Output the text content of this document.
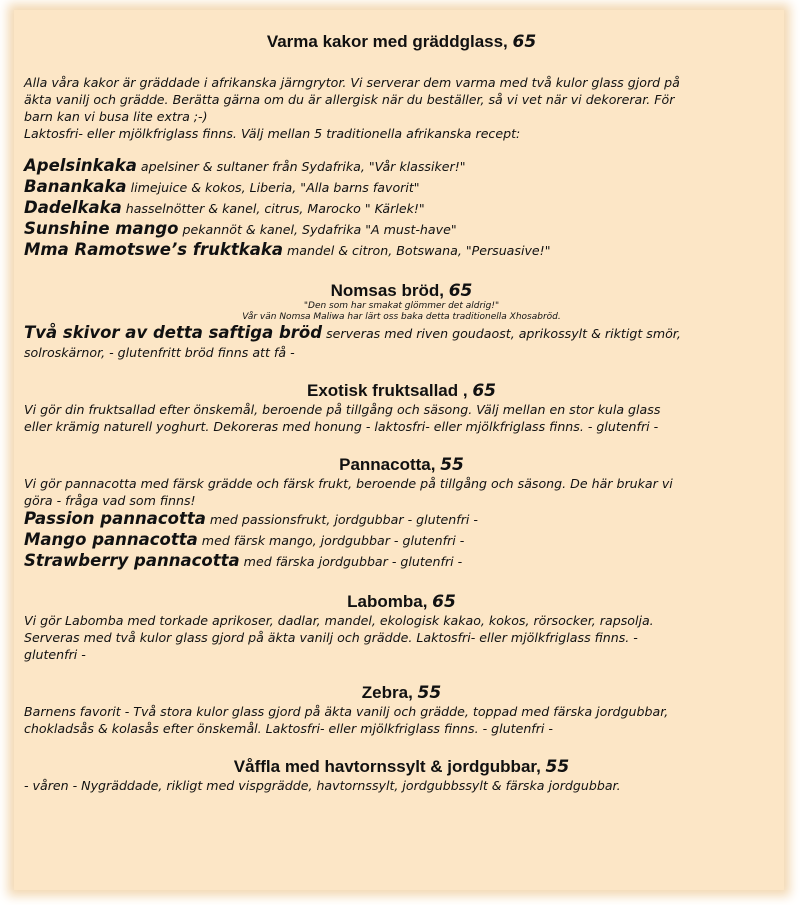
Varma kakor med gräddglass, 65

Alla våra kakor är gräddade i afrikanska järngrytor. Vi serverar dem varma med två kulor glass gjord på

äkta vanilj och grädde. Berätta gärna om du är allergisk när du beställer, så vi vet när vi dekorerar. För

barn kan vi busa lite extra ;-)

Laktosfri- eller mjölkfriglass finns. Välj mellan 5 traditionella afrikanska recept:

Apelsinkaka apelsiner & sultaner från Sydafrika, "Vår klassiker!"
Banankaka limejuice & kokos, Liberia, "Alla barns favorit"
Dadelkaka hasselnötter & kanel, citrus, Marocko " Kärlek!"
Sunshine mango pekannöt & kanel, Sydafrika "A must-have"
Mma Ramotswe’s fruktkaka mandel & citron, Botswana, "Persuasive!"
Nomsas bröd, 65
"Den som har smakat glömmer det aldrig!"
Vår vän Nomsa Maliwa har lärt oss baka detta traditionella Xhosabröd.
Två skivor av detta saftiga bröd serveras med riven goudaost, aprikossylt & riktigt smör,

solroskärnor, - glutenfritt bröd finns att få -

Exotisk fruktsallad , 65

Vi gör din fruktsallad efter önskemål, beroende på tillgång och säsong. Välj mellan en stor kula glass

eller krämig naturell yoghurt. Dekoreras med honung - laktosfri- eller mjölkfriglass finns. - glutenfri -

Pannacotta, 55

Vi gör pannacotta med färsk grädde och färsk frukt, beroende på tillgång och säsong. De här brukar vi

göra - fråga vad som finns!

Passion pannacotta med passionsfrukt, jordgubbar - glutenfri -
Mango pannacotta med färsk mango, jordgubbar - glutenfri -
Strawberry pannacotta med färska jordgubbar - glutenfri -
Labomba, 65

Vi gör Labomba med torkade aprikoser, dadlar, mandel, ekologisk kakao, kokos, rörsocker, rapsolja.

Serveras med två kulor glass gjord på äkta vanilj och grädde. Laktosfri- eller mjölkfriglass finns. -

glutenfri -

Zebra, 55

Barnens favorit - Två stora kulor glass gjord på äkta vanilj och grädde, toppad med färska jordgubbar,

chokladsås & kolasås efter önskemål. Laktosfri- eller mjölkfriglass finns. - glutenfri -

Våffla med havtornssylt & jordgubbar, 55

- våren - Nygräddade, rikligt med vispgrädde, havtornssylt, jordgubbssylt & färska jordgubbar.
